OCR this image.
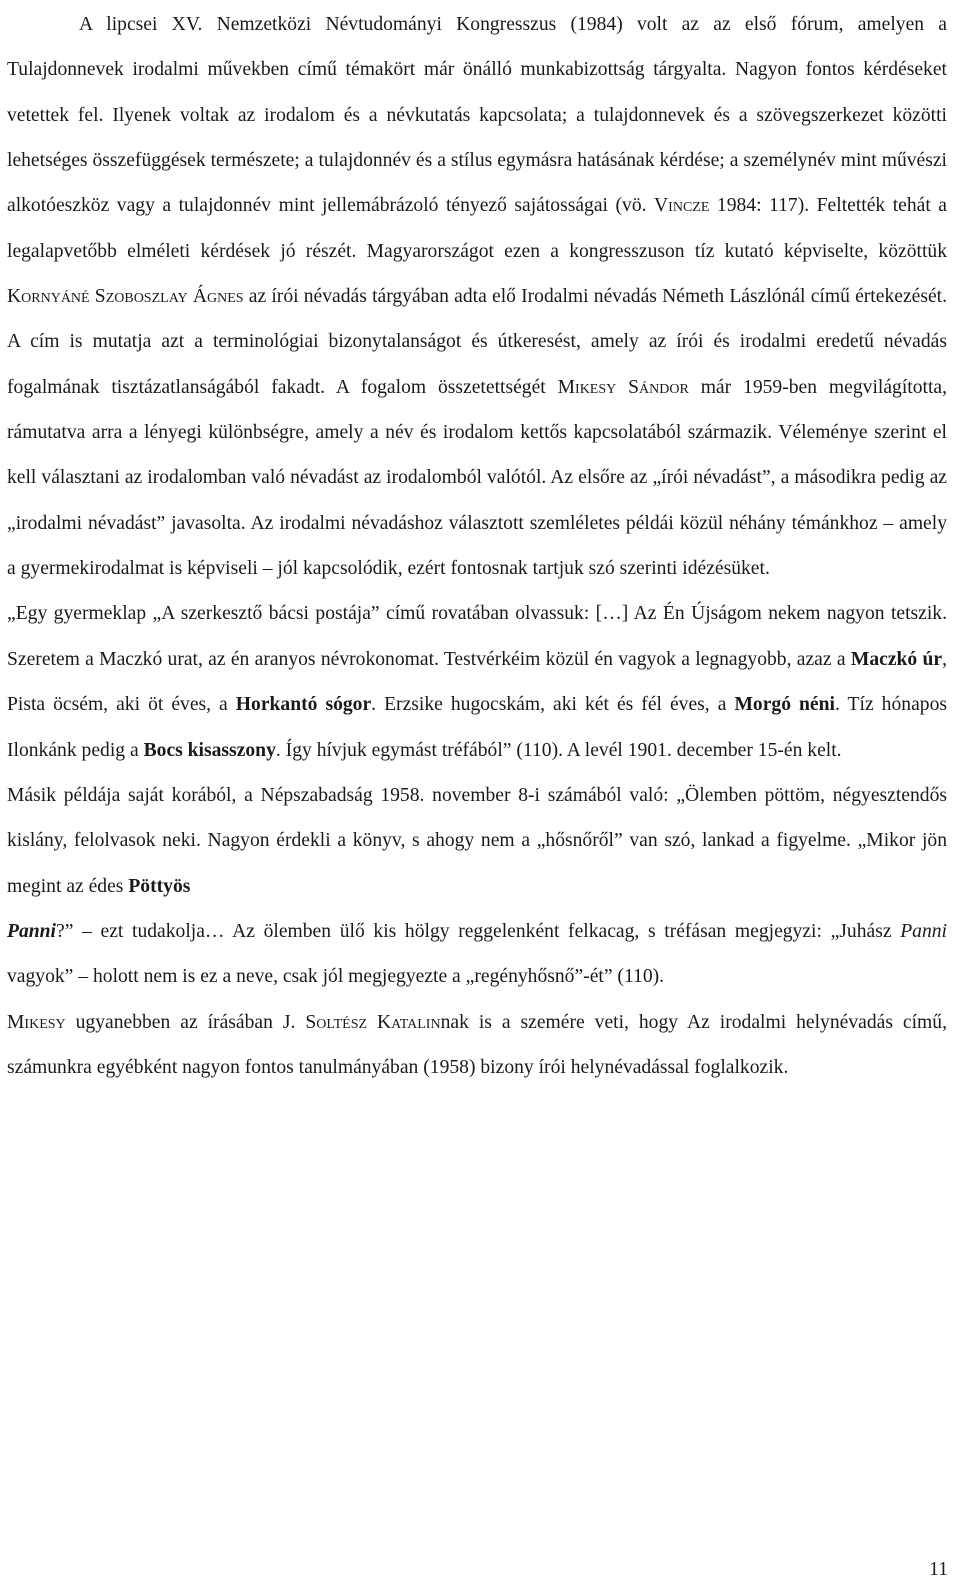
A lipcsei XV. Nemzetközi Névtudományi Kongresszus (1984) volt az az első fórum, amelyen a Tulajdonnevek irodalmi művekben című témakört már önálló munkabizottság tárgyalta. Nagyon fontos kérdéseket vetettek fel. Ilyenek voltak az irodalom és a névkutatás kapcsolata; a tulajdonnevek és a szövegszerkezet közötti lehetséges összefüggések természete; a tulajdonnév és a stílus egymásra hatásának kérdése; a személynév mint művészi alkotóeszköz vagy a tulajdonnév mint jellemábrázoló tényező sajátosságai (vö. Vincze 1984: 117). Feltették tehát a legalapvetőbb elméleti kérdések jó részét. Magyarországot ezen a kongresszuson tíz kutató képviselte, közöttük Kornyáné Szoboszlay Ágnes az írói névadás tárgyában adta elő Irodalmi névadás Németh Lászlónál című értekezését. A cím is mutatja azt a terminológiai bizonytalanságot és útkeresést, amely az írói és irodalmi eredetű névadás fogalmának tisztázatlanságából fakadt. A fogalom összetettségét Mikesy Sándor már 1959-ben megvilágította, rámutatva arra a lényegi különbségre, amely a név és irodalom kettős kapcsolatából származik. Véleménye szerint el kell választani az irodalomban való névadást az irodalomból valótól. Az elsőre az „írói névadást”, a másodikra pedig az „irodalmi névadást” javasolta. Az irodalmi névadáshoz választott szemléletes példái közül néhány témánkhoz – amely a gyermekirodalmat is képviseli – jól kapcsolódik, ezért fontosnak tartjuk szó szerinti idézésüket.

„Egy gyermeklap „A szerkesztő bácsi postája” című rovatában olvassuk: […] Az Én Újságom nekem nagyon tetszik. Szeretem a Maczkó urat, az én aranyos névrokonomat. Testvérkéim közül én vagyok a legnagyobb, azaz a Maczkó úr, Pista öcsém, aki öt éves, a Horkantó sógor. Erzsike hugocskám, aki két és fél éves, a Morgó néni. Tíz hónapos Ilonkánk pedig a Bocs kisasszony. Így hívjuk egymást tréfából” (110). A levél 1901. december 15-én kelt.

Másik példája saját korából, a Népszabadság 1958. november 8-i számából való: „Ölemben pöttöm, négyesztendős kislány, felolvasok neki. Nagyon érdekli a könyv, s ahogy nem a „hősnőről” van szó, lankad a figyelme. „Mikor jön megint az édes Pöttyös
Panni?” – ezt tudakolja… Az ölemben ülő kis hölgy reggelenként felkacag, s tréfásan megjegyzi: „Juhász Panni vagyok” – holott nem is ez a neve, csak jól megjegyezte a „regényhősnő”-ét” (110).

Mikesy ugyanebben az írásában J. Soltész Katalinnak is a szemére veti, hogy Az irodalmi helynévadás című, számunkra egyébként nagyon fontos tanulmányában (1958) bizony írói helynévadással foglalkozik.

11
